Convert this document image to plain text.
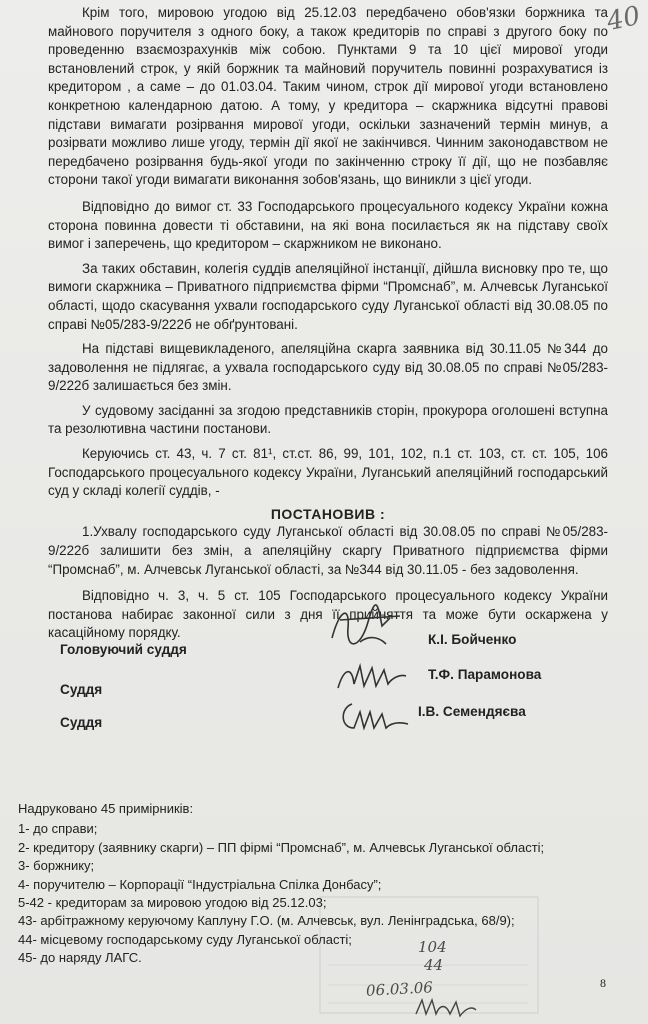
40

Крім того, мировою угодою від 25.12.03 передбачено обов'язки боржника та майнового поручителя з одного боку, а також кредиторів по справі з другого боку по проведенню взаємозрахунків між собою. Пунктами 9 та 10 цієї мирової угоди встановлений строк, у якій боржник та майновий поручитель повинні розрахуватися із кредитором , а саме – до 01.03.04. Таким чином, строк дії мирової угоди встановлено конкретною календарною датою. А тому, у кредитора – скаржника відсутні правові підстави вимагати розірвання мирової угоди, оскільки зазначений термін минув, а розірвати можливо лише угоду, термін дії якої не закінчився. Чинним законодавством не передбачено розірвання будь-якої угоди по закінченню строку її дії, що не позбавляє сторони такої угоди вимагати виконання зобов'язань, що виникли з цієї угоди.

Відповідно до вимог ст. 33 Господарського процесуального кодексу України кожна сторона повинна довести ті обставини, на які вона посилається як на підставу своїх вимог і заперечень, що кредитором – скаржником не виконано.

За таких обставин, колегія суддів апеляційної інстанції, дійшла висновку про те, що вимоги скаржника – Приватного підприємства фірми “Промснаб”, м. Алчевськ Луганської області, щодо скасування ухвали господарського суду Луганської області від 30.08.05 по справі №05/283-9/222б не обґрунтовані.

На підставі вищевикладеного, апеляційна скарга заявника від 30.11.05 №344 до задоволення не підлягає, а ухвала господарського суду від 30.08.05 по справі №05/283-9/222б залишається без змін.

У судовому засіданні за згодою представників сторін, прокурора оголошені вступна та резолютивна частини постанови.

Керуючись ст. 43, ч. 7 ст. 81¹, ст.ст. 86, 99, 101, 102, п.1 ст. 103, ст. ст. 105, 106 Господарського процесуального кодексу України, Луганський апеляційний господарський суд у складі колегії суддів, -

ПОСТАНОВИВ :

1.Ухвалу господарського суду Луганської області від 30.08.05 по справі №05/283-9/222б залишити без змін, а апеляційну скаргу Приватного підприємства фірми “Промснаб”, м. Алчевськ Луганської області, за №344 від 30.11.05 - без задоволення.

Відповідно ч. 3, ч. 5 ст. 105 Господарського процесуального кодексу України постанова набирає законної сили з дня її прийняття та може бути оскаржена у касаційному порядку.

Головуючий суддя
Суддя
Суддя
К.І. Бойченко
Т.Ф. Парамонова
І.В. Семендяєва
Надруковано 45 примірників:
1- до справи;
2- кредитору (заявнику скарги) – ПП фірмі “Промснаб”, м. Алчевськ Луганської області;
3- боржнику;
4- поручителю – Корпорації “Індустріальна Спілка Донбасу”;
5-42 - кредиторам за мировою угодою від 25.12.03;
43- арбітражному керуючому Каплуну Г.О. (м. Алчевськ, вул. Ленінградська, 68/9);
44- місцевому господарському суду Луганської області;
45- до наряду ЛАГС.
104
44
06.03.06	8
